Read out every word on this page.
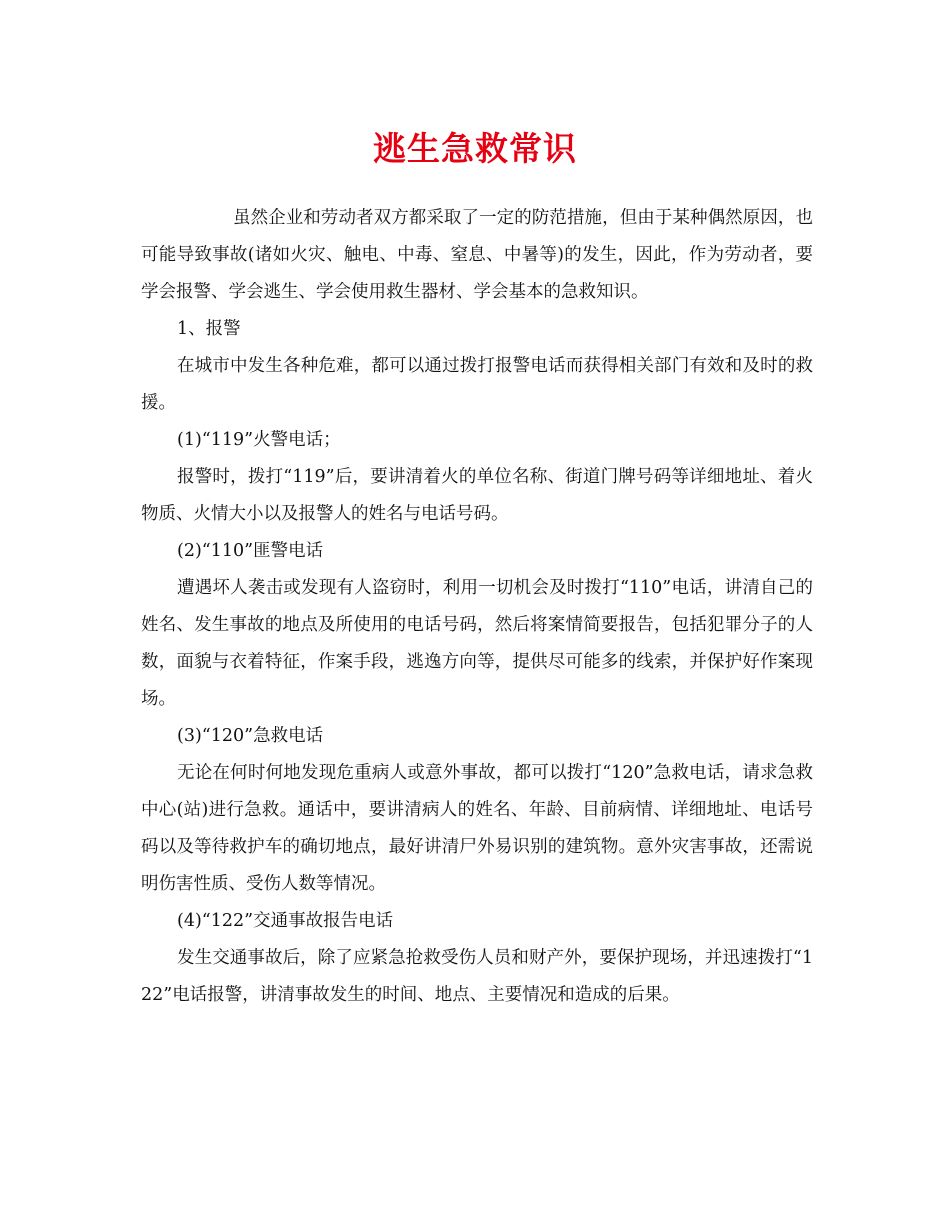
逃生急救常识

虽然企业和劳动者双方都采取了一定的防范措施，但由于某种偶然原因，也可能导致事故(诸如火灾、触电、中毒、窒息、中暑等)的发生，因此，作为劳动者，要学会报警、学会逃生、学会使用救生器材、学会基本的急救知识。

1、报警

在城市中发生各种危难，都可以通过拨打报警电话而获得相关部门有效和及时的救援。

(1)“119”火警电话；

报警时，拨打“119”后，要讲清着火的单位名称、街道门牌号码等详细地址、着火物质、火情大小以及报警人的姓名与电话号码。

(2)“110”匪警电话

遭遇坏人袭击或发现有人盗窃时，利用一切机会及时拨打“110”电话，讲清自己的姓名、发生事故的地点及所使用的电话号码，然后将案情简要报告，包括犯罪分子的人数，面貌与衣着特征，作案手段，逃逸方向等，提供尽可能多的线索，并保护好作案现场。

(3)“120”急救电话

无论在何时何地发现危重病人或意外事故，都可以拨打“120”急救电话，请求急救中心(站)进行急救。通话中，要讲清病人的姓名、年龄、目前病情、详细地址、电话号码以及等待救护车的确切地点，最好讲清尸外易识别的建筑物。意外灾害事故，还需说明伤害性质、受伤人数等情况。

(4)“122”交通事故报告电话

发生交通事故后，除了应紧急抢救受伤人员和财产外，要保护现场，并迅速拨打“122”电话报警，讲清事故发生的时间、地点、主要情况和造成的后果。
